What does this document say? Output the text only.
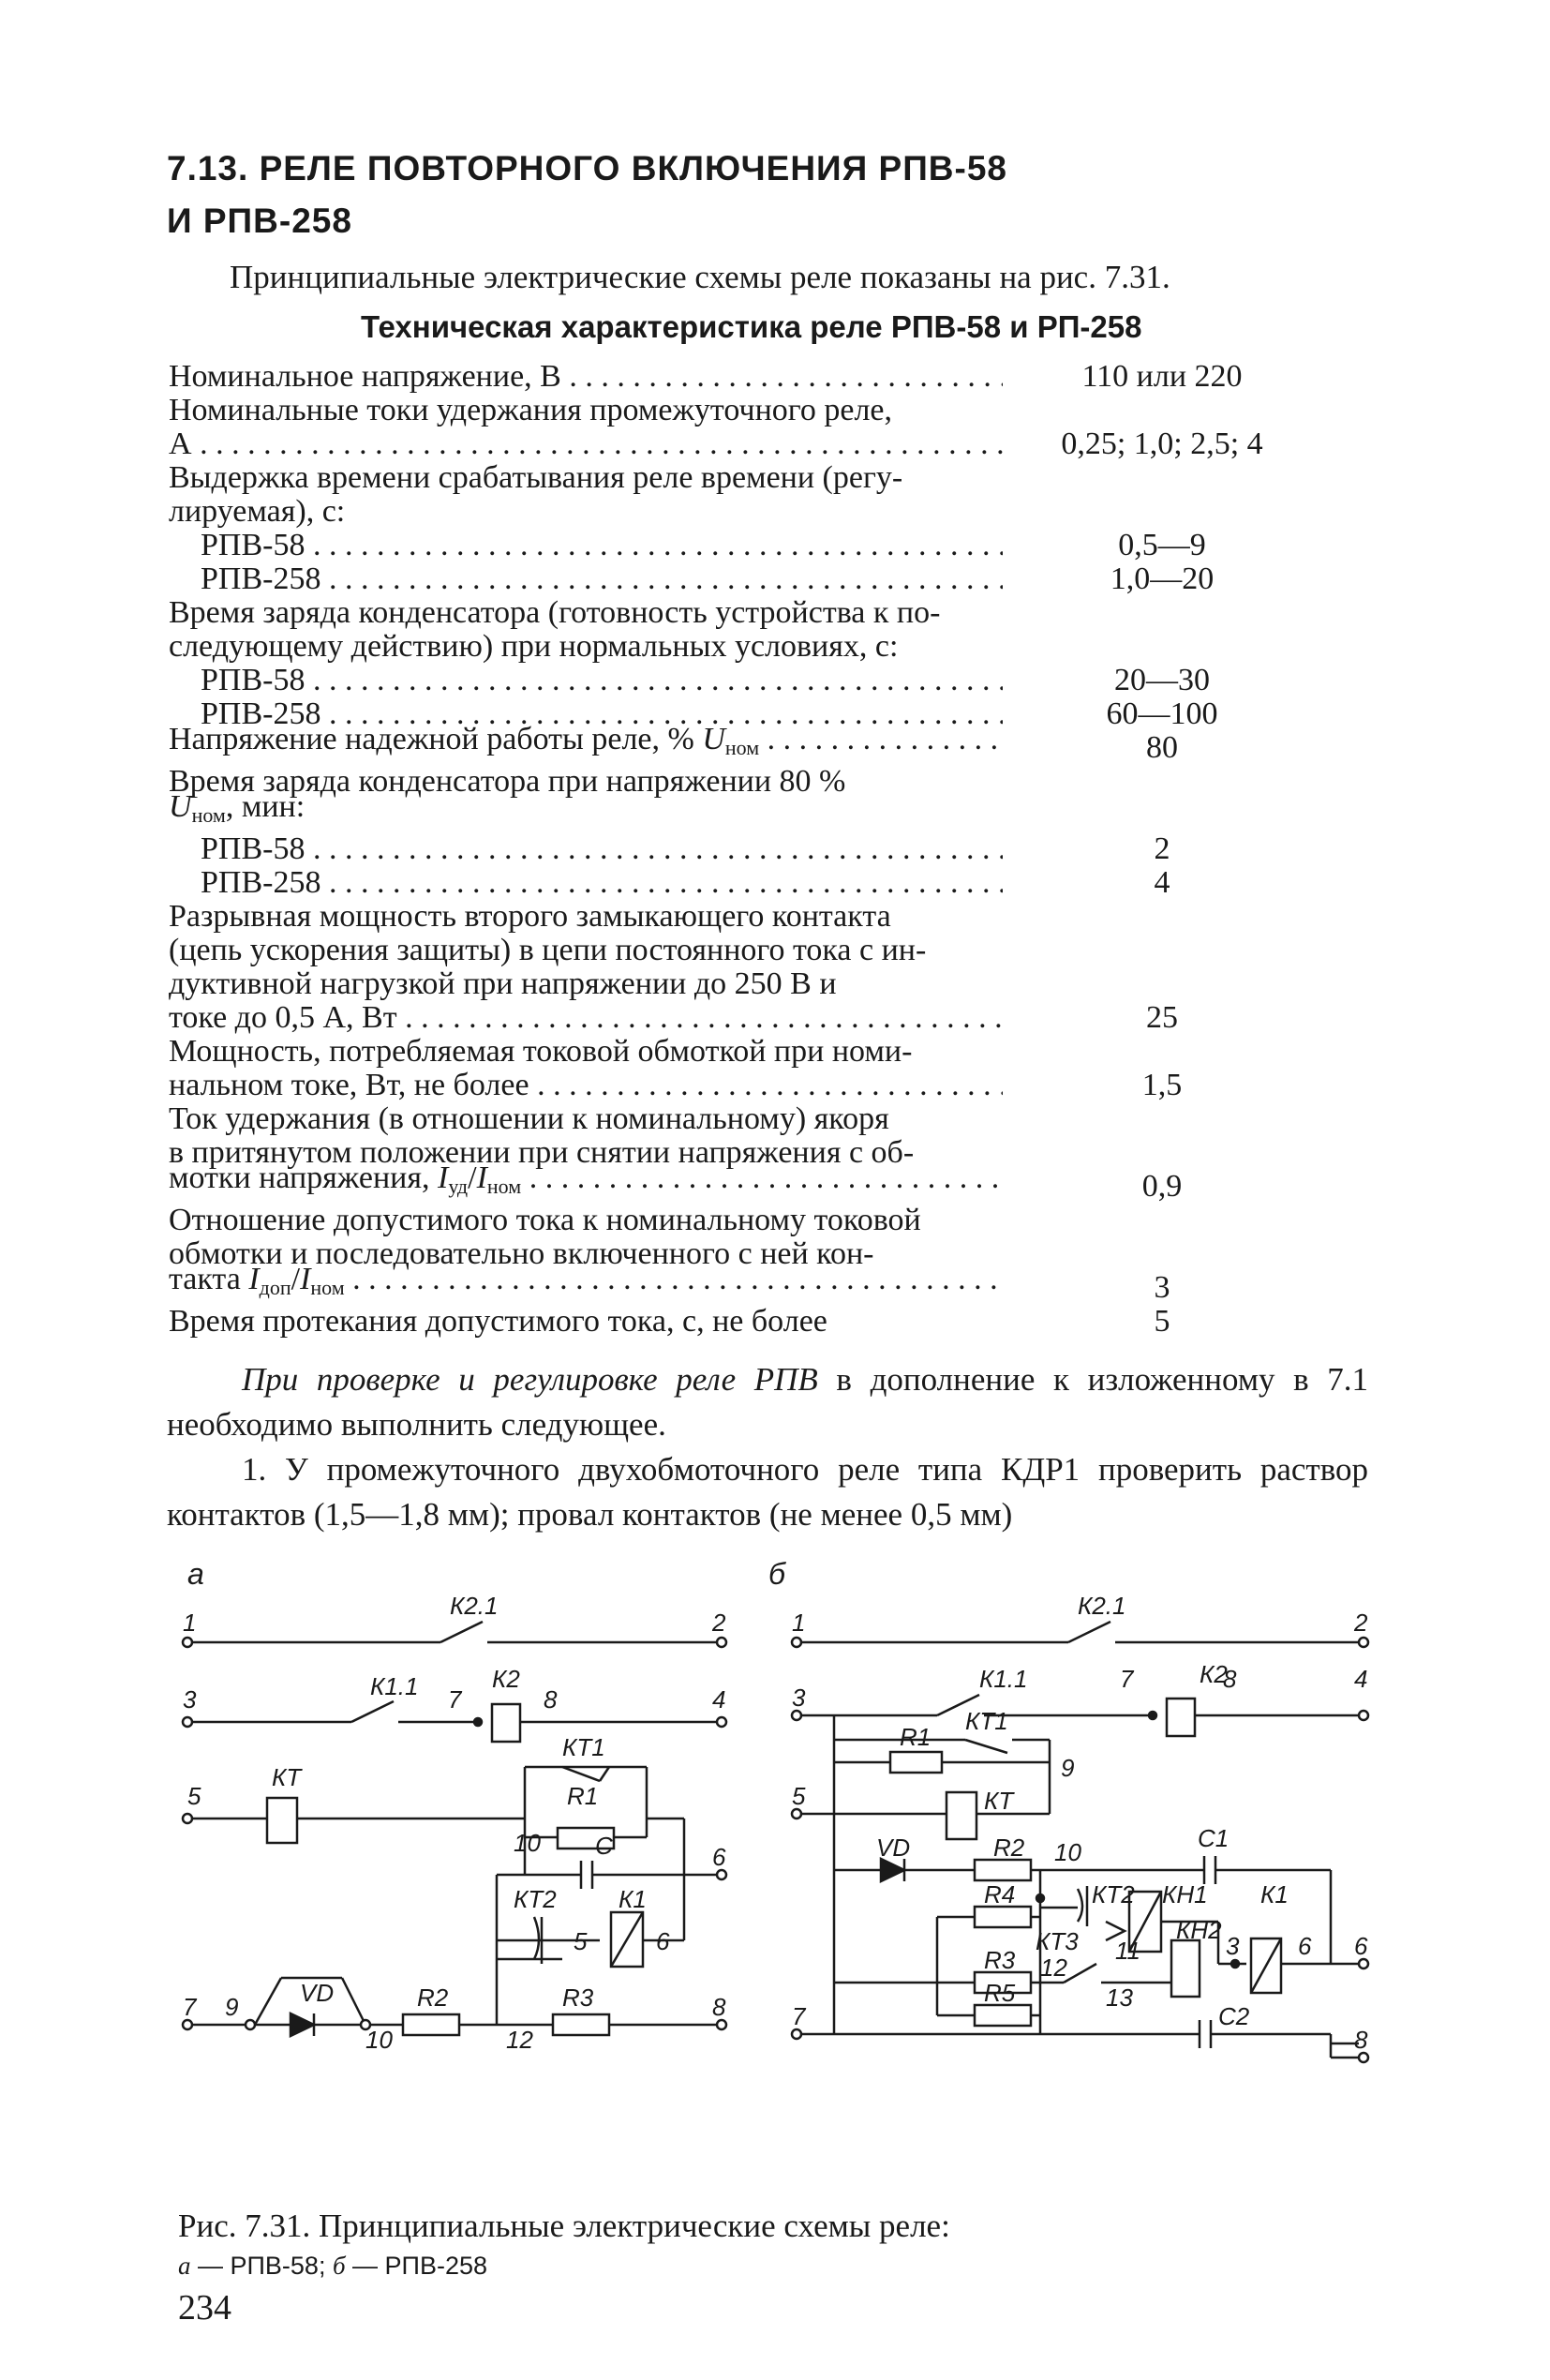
7.13. РЕЛЕ ПОВТОРНОГО ВКЛЮЧЕНИЯ РПВ-58
И РПВ-258
Принципиальные электрические схемы реле показаны на рис. 7.31.
Техническая характеристика реле РПВ-58 и РП-258
Номинальное напряжение, В . . .	110 или 220
Номинальные токи удержания промежуточного реле,
А . . .	0,25; 1,0; 2,5; 4
Выдержка времени срабатывания реле времени (регу-
лируемая), с:
РПВ-58 . . .	0,5—9
РПВ-258 . . .	1,0—20
Время заряда конденсатора (готовность устройства к по-
следующему действию) при нормальных условиях, с:
РПВ-58 . . .	20—30
РПВ-258 . . .	60—100
Напряжение надежной работы реле, % $U_{ном}$ . . .	80
Время заряда конденсатора при напряжении 80 %
$U_{ном}$, мин:
РПВ-58 . . .	2
РПВ-258 . . .	4
Разрывная мощность второго замыкающего контакта
(цепь ускорения защиты) в цепи постоянного тока с ин-
дуктивной нагрузкой при напряжении до 250 В и
токе до 0,5 А, Вт . . .	25
Мощность, потребляемая токовой обмоткой при номи-
нальном токе, Вт, не более . . .	1,5
Ток удержания (в отношении к номинальному) якоря
в притянутом положении при снятии напряжения с об-
мотки напряжения, $I_{уд}/I_{ном}$ . . .	0,9
Отношение допустимого тока к номинальному токовой
обмотки и последовательно включенного с ней кон-
такта $I_{доп}/I_{ном}$ . . .	3
Время протекания допустимого тока, с, не более	5
При проверке и регулировке реле РПВ в дополнение к изложенному в 7.1 необходимо выполнить следующее.
1. У промежуточного двухобмоточного реле типа КДР1 проверить раствор контактов (1,5—1,8 мм); провал контактов (не менее 0,5 мм)
а
1	2
К2.1
3	4
К1.1 7
К2
8
5
КТ
КТ1
R1
10	6
С
КТ2	К1
5	6
7 9	VD
10
R2
12
R3	8
б
1	2
К2.1
3
К1.1	7	К2
8	4
КТ1
R1
9
5	КТ
VD	R2 10	С1
R4	КТ2 КН1 К1
11	3 6 6
КТ3	КН2
R3 12
13
R5
С2
7
8
Рис. 7.31. Принципиальные электрические схемы реле:
а — РПВ-58; б — РПВ-258
234
